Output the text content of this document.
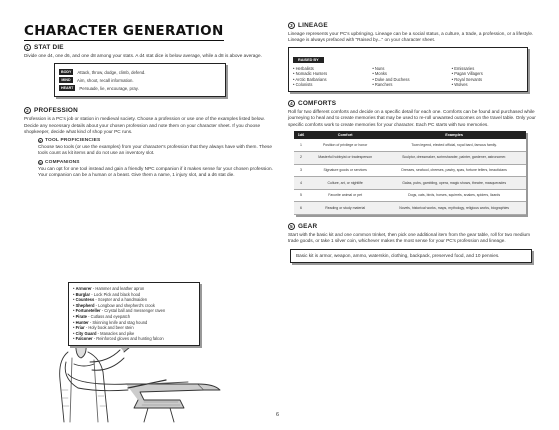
CHARACTER GENERATION
1 STAT DIE
Divide one d4, one d6, and one d8 among your stats. A d4 stat dice is below average, while a d8 is above average.
BODY	Attack, throw, dodge, climb, defend.
MIND	Aim, shoot, recall information.
HEART	Persuade, lie, encourage, pray.
2 PROFESSION
Profession is a PC's job or station in medieval society. Choose a profession or use one of the examples listed below. Decide any necessary details about your chosen profession and note them on your character sheet. If you choose shopkeeper, decide what kind of shop your PC runs.
a TOOL PROFICIENCIES
Choose two tools (or use the examples) from your character's profession that they always have with them. These tools count as kit items and do not use an inventory slot.
b COMPANIONS
You can opt for one tool instead and gain a friendly NPC companion if it makes sense for your chosen profession. Your companion can be a human or a beast. Give them a name, 1 injury slot, and a d6 stat die.
• Armorer - Hammer and leather apron
• Burglar - Lock Pick and black hood
• Countess - Scepter and a handmaiden
• Shepherd - Longbow and shepherd's crook
• Fortuneteller - Crystal ball and messenger raven
• Pirate - Cutlass and eyepatch
• Hunter - Skinning knife and stag hound
• Friar - Holy book and beer stein
• City Guard - Manacles and pike
• Falconer - Reinforced gloves and hunting falcon
6
3 LINEAGE
Lineage represents your PC's upbringing. Lineage can be a social status, a culture, a trade, a profession, or a lifestyle. Lineage is always prefaced with "Raised by..." on your character sheet.
RAISED BY
• Herbalists
• Nomadic Hunters
• Arctic Barbarians
• Colonists
• Nuns
• Monks
• Duke and Duchess
• Ranchers
• Emissaries
• Pagan Villagers
• Royal Servants
• Wolves
4 COMFORTS
Roll for two different comforts and decide on a specific detail for each one. Comforts can be found and purchased while journeying to heal and to create memories that may be used to re-roll unwanted outcomes on the travel table. Only your specific comforts work to create memories for your character. Each PC starts with two memories.
1d6	Comfort	Examples
1	Position of privilege or honor	Town legend, elected official, royal bard, famous family.
2	Masterful hobbyist or tradesperson	Sculptor, dressmaker, scrimshander, painter, gardener, astronomer.
3	Signature goods or services	Dresses, seafood, cheeses, pastry, spas, fortune tellers, beauticians
4	Culture, art, or nightlife	Galas, pubs, gambling, opera, magic shows, theatre, masquerades
5	Favorite animal or pet	Dogs, cats, birds, horses, squirrels, snakes, spiders, lizards
6	Reading or study material	Novels, historical works, maps, mythology, religious works, biographies
5 GEAR
Start with the basic kit and one common trinket, then pick one additional item from the gear table, roll for two medium trade goods, or take 1 silver coin, whichever makes the most sense for your PC's profession and lineage.
Basic kit is armor, weapon, ammo, waterskin, clothing, backpack, preserved food, and 10 pennies.
